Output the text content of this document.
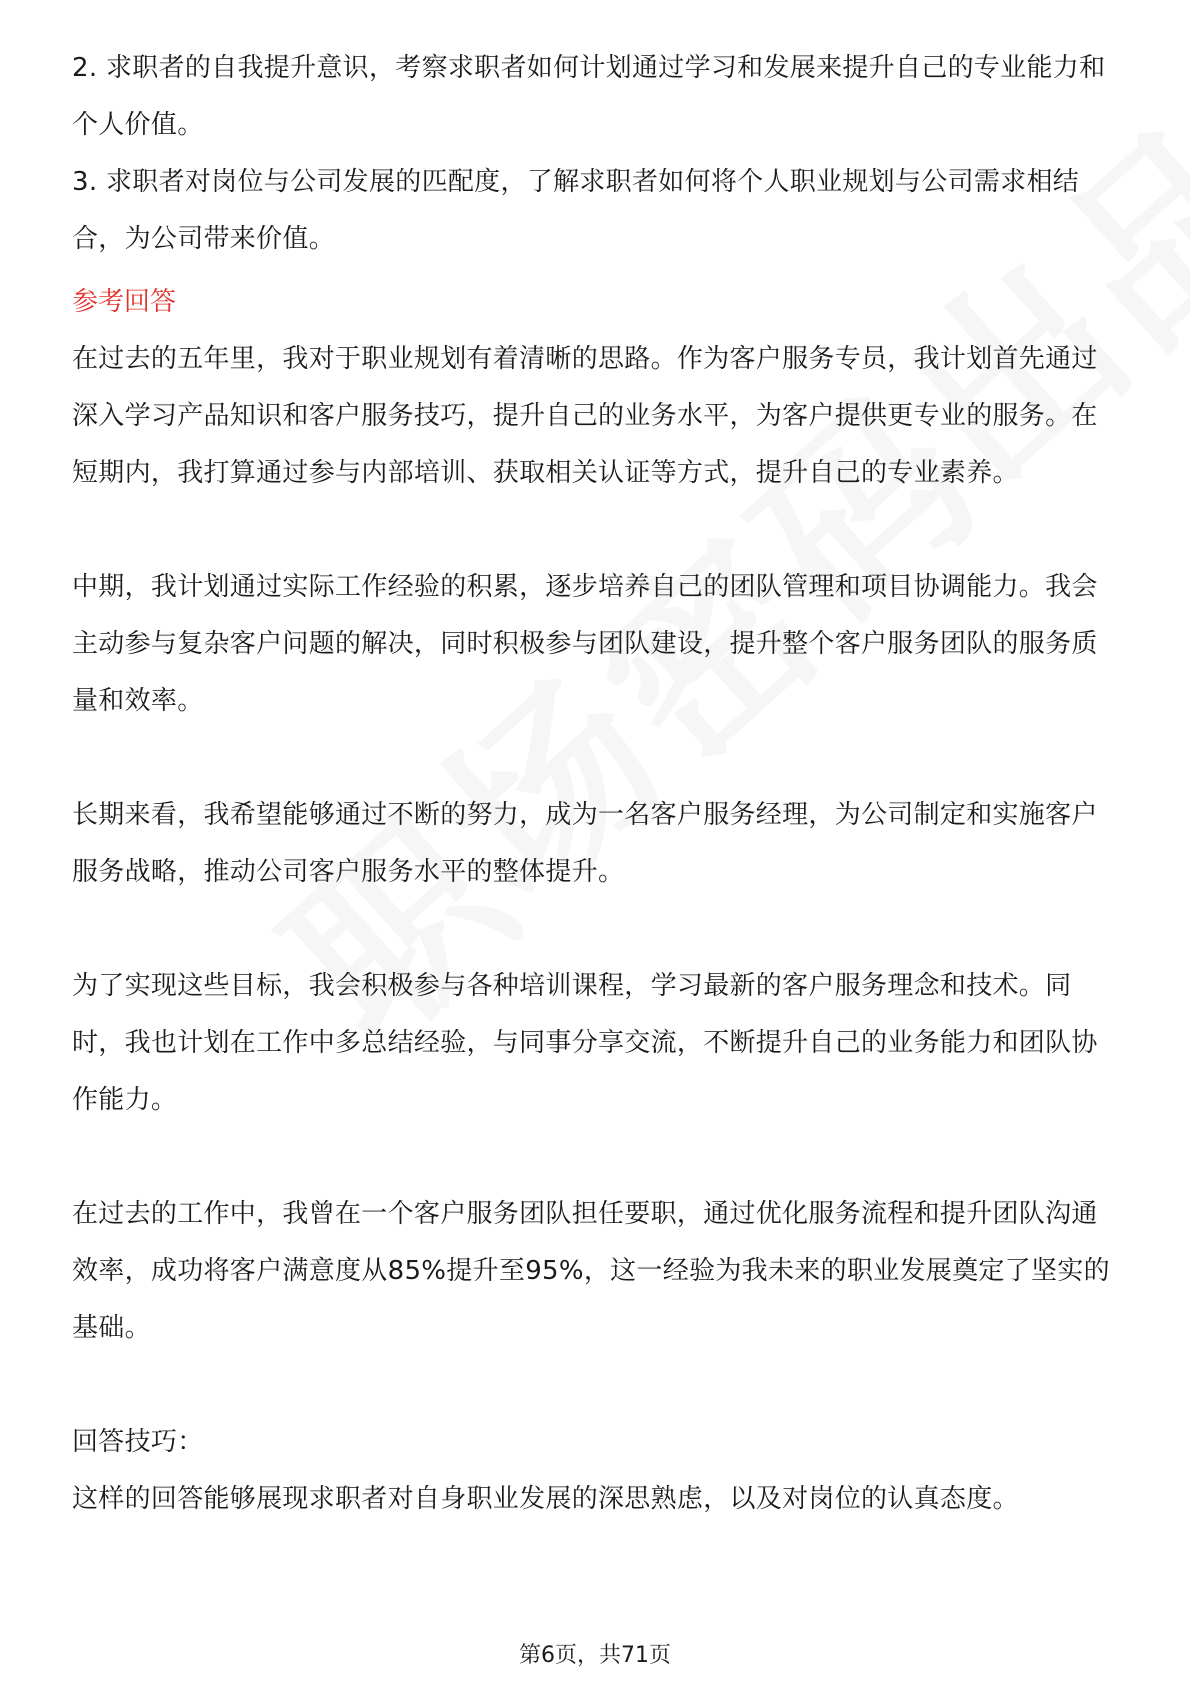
2. 求职者的自我提升意识，考察求职者如何计划通过学习和发展来提升自己的专业能力和个人价值。

3. 求职者对岗位与公司发展的匹配度，了解求职者如何将个人职业规划与公司需求相结合，为公司带来价值。

参考回答

在过去的五年里，我对于职业规划有着清晰的思路。作为客户服务专员，我计划首先通过深入学习产品知识和客户服务技巧，提升自己的业务水平，为客户提供更专业的服务。在短期内，我打算通过参与内部培训、获取相关认证等方式，提升自己的专业素养。

中期，我计划通过实际工作经验的积累，逐步培养自己的团队管理和项目协调能力。我会主动参与复杂客户问题的解决，同时积极参与团队建设，提升整个客户服务团队的服务质量和效率。

长期来看，我希望能够通过不断的努力，成为一名客户服务经理，为公司制定和实施客户服务战略，推动公司客户服务水平的整体提升。

为了实现这些目标，我会积极参与各种培训课程，学习最新的客户服务理念和技术。同时，我也计划在工作中多总结经验，与同事分享交流，不断提升自己的业务能力和团队协作能力。

在过去的工作中，我曾在一个客户服务团队担任要职，通过优化服务流程和提升团队沟通效率，成功将客户满意度从85%提升至95%，这一经验为我未来的职业发展奠定了坚实的基础。

回答技巧：

这样的回答能够展现求职者对自身职业发展的深思熟虑，以及对岗位的认真态度。

第6页，共71页
